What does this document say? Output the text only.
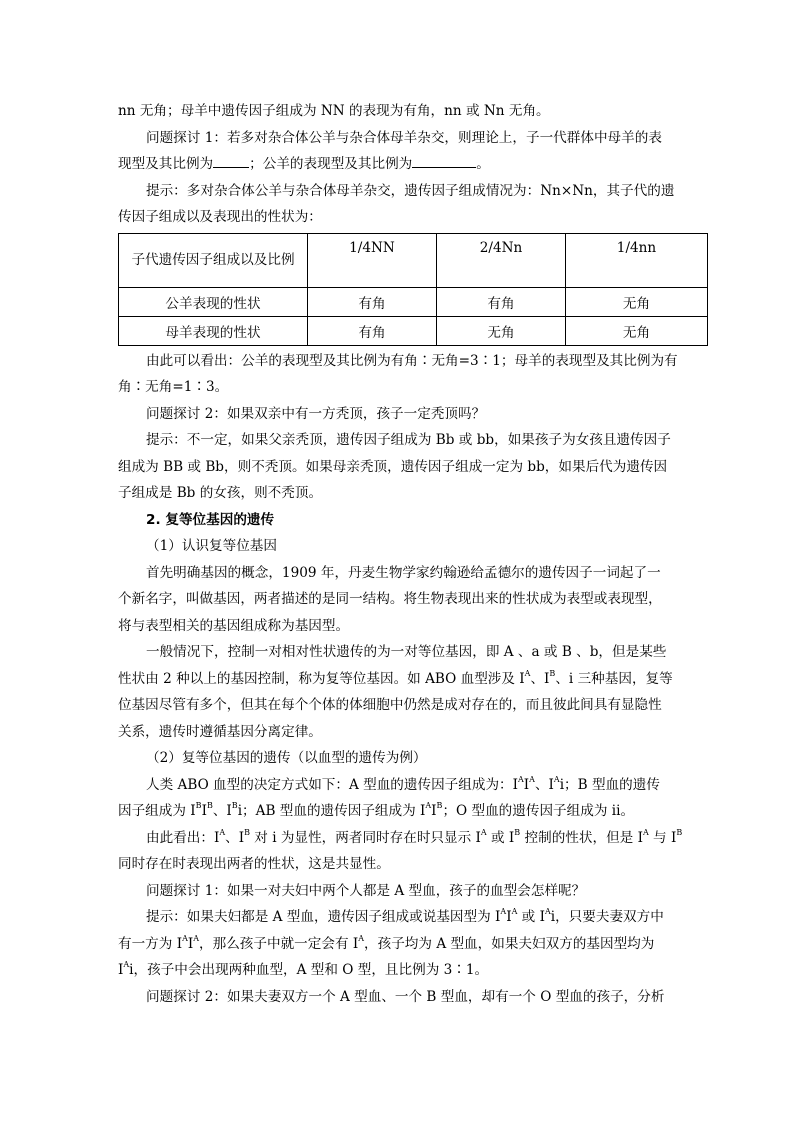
nn 无角；母羊中遗传因子组成为 NN 的表现为有角，nn 或 Nn 无角。
问题探讨 1：若多对杂合体公羊与杂合体母羊杂交，则理论上，子一代群体中母羊的表
现型及其比例为	；公羊的表现型及其比例为	。
提示：多对杂合体公羊与杂合体母羊杂交，遗传因子组成情况为：Nn×Nn，其子代的遗
传因子组成以及表现出的性状为：
子代遗传因子组成以及比例	1/4NN	2/4Nn	1/4nn
公羊表现的性状	有角	有角	无角
母羊表现的性状	有角	无角	无角
由此可以看出：公羊的表现型及其比例为有角∶无角=3∶1；母羊的表现型及其比例为有
角∶无角=1∶3。
问题探讨 2：如果双亲中有一方秃顶，孩子一定秃顶吗？
提示：不一定，如果父亲秃顶，遗传因子组成为 Bb 或 bb，如果孩子为女孩且遗传因子
组成为 BB 或 Bb，则不秃顶。如果母亲秃顶，遗传因子组成一定为 bb，如果后代为遗传因
子组成是 Bb 的女孩，则不秃顶。
2. 复等位基因的遗传
（1）认识复等位基因
首先明确基因的概念，1909 年，丹麦生物学家约翰逊给孟德尔的遗传因子一词起了一
个新名字，叫做基因，两者描述的是同一结构。将生物表现出来的性状成为表型或表现型，
将与表型相关的基因组成称为基因型。
一般情况下，控制一对相对性状遗传的为一对等位基因，即 A 、a 或 B 、b，但是某些
性状由 2 种以上的基因控制，称为复等位基因。如 ABO 血型涉及 $I^A$、$I^B$、i 三种基因，复等
位基因尽管有多个，但其在每个个体的体细胞中仍然是成对存在的，而且彼此间具有显隐性
关系，遗传时遵循基因分离定律。
（2）复等位基因的遗传（以血型的遗传为例）
人类 ABO 血型的决定方式如下：A 型血的遗传因子组成为：$I^AI^A$、$I^Ai$；B 型血的遗传
因子组成为 $I^BI^B$、$I^Bi$；AB 型血的遗传因子组成为 $I^AI^B$；O 型血的遗传因子组成为 ii。
由此看出：$I^A$、$I^B$ 对 i 为显性，两者同时存在时只显示 $I^A$ 或 $I^B$ 控制的性状，但是 $I^A$ 与 $I^B$
同时存在时表现出两者的性状，这是共显性。
问题探讨 1：如果一对夫妇中两个人都是 A 型血，孩子的血型会怎样呢？
提示：如果夫妇都是 A 型血，遗传因子组成或说基因型为 $I^AI^A$ 或 $I^Ai$，只要夫妻双方中
有一方为 $I^AI^A$，那么孩子中就一定会有 $I^A$，孩子均为 A 型血，如果夫妇双方的基因型均为
$I^Ai$，孩子中会出现两种血型，A 型和 O 型，且比例为 3∶1。
问题探讨 2：如果夫妻双方一个 A 型血、一个 B 型血，却有一个 O 型血的孩子，分析
